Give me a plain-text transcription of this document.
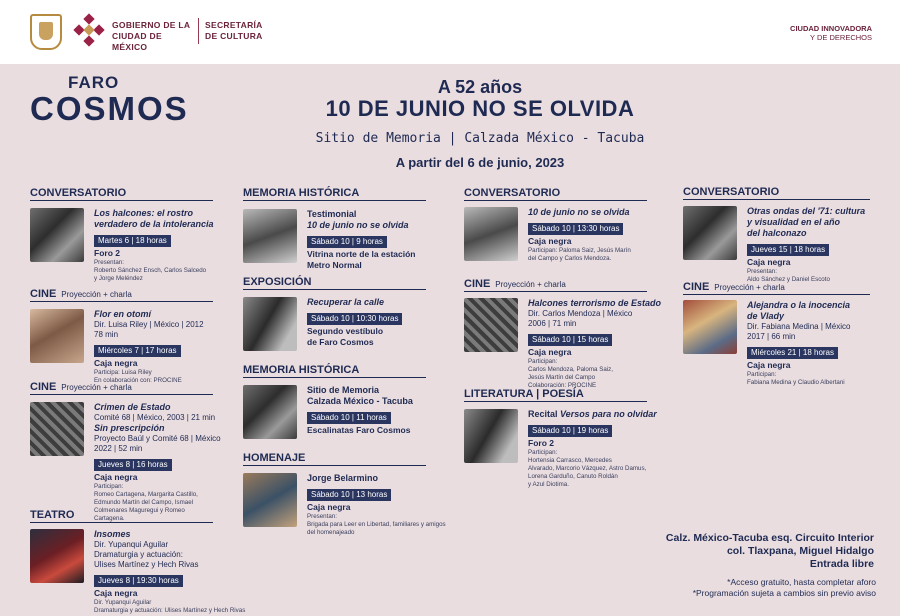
GOBIERNO DE LA
CIUDAD DE MÉXICO
SECRETARÍA
DE CULTURA
CIUDAD INNOVADORA
Y DE DERECHOS
FARO
COSMOS
A 52 años
10 DE JUNIO NO SE OLVIDA
Sitio de Memoria | Calzada México - Tacuba
A partir del 6 de junio, 2023
CONVERSATORIO
Los halcones: el rostro
verdadero de la intolerancia
Martes 6 | 18 horas
Foro 2
Presentan:
Roberto Sánchez Ensch, Carlos Salcedo
y Jorge Meléndez
CINE Proyección + charla
Flor en otomí
Dir. Luisa Riley | México | 2012
78 min
Miércoles 7 | 17 horas
Caja negra
Participa: Luisa Riley
En colaboración con: PROCINE
CINE Proyección + charla
Crimen de Estado
Comité 68 | México, 2003 | 21 min
Sin prescripción
Proyecto Baúl y Comité 68 | México
2022 | 52 min
Jueves 8 | 16 horas
Caja negra
Participan:
Romeo Cartagena, Margarita Castillo,
Edmundo Martín del Campo, Ismael
Colmenares Maguregui y Romeo
Cartagena.
TEATRO
Insomes
Dir. Yupanqui Aguilar
Dramaturgia y actuación:
Ulises Martínez y Hech Rivas
Jueves 8 | 19:30 horas
Caja negra
Dir. Yupanqui Aguilar
Dramaturgia y actuación: Ulises Martínez y Hech Rivas
MEMORIA HISTÓRICA
Testimonial
10 de junio no se olvida
Sábado 10 | 9 horas
Vitrina norte de la estación
Metro Normal
EXPOSICIÓN
Recuperar la calle
Sábado 10 | 10:30 horas
Segundo vestíbulo
de Faro Cosmos
MEMORIA HISTÓRICA
Sitio de Memoria
Calzada México - Tacuba
Sábado 10 | 11 horas
Escalinatas Faro Cosmos
HOMENAJE
Jorge Belarmino
Sábado 10 | 13 horas
Caja negra
Presentan:
Brigada para Leer en Libertad, familiares y amigos
del homenajeado
CONVERSATORIO
10 de junio no se olvida
Sábado 10 | 13:30 horas
Caja negra
Participan: Paloma Saiz, Jesús Marín
del Campo y Carlos Mendoza.
CINE Proyección + charla
Halcones terrorismo de Estado
Dir. Carlos Mendoza | México
2006 | 71 min
Sábado 10 | 15 horas
Caja negra
Participan:
Carlos Mendoza, Paloma Saiz,
Jesús Martín del Campo
Colaboración: PROCINE
LITERATURA | POESÍA
Recital Versos para no olvidar
Sábado 10 | 19 horas
Foro 2
Participan:
Hortensia Carrasco, Mercedes
Alvarado, Marcorio Vázquez, Astro Damus,
Lorena Garduño, Canuto Roldán
y Azul Diotima.
CONVERSATORIO
Otras ondas del '71: cultura
y visualidad en el año
del halconazo
Jueves 15 | 18 horas
Caja negra
Presentan:
Aldo Sánchez y Daniel Escoto
CINE Proyección + charla
Alejandra o la inocencia
de Vlady
Dir. Fabiana Medina | México
2017 | 66 min
Miércoles 21 | 18 horas
Caja negra
Participan:
Fabiana Medina y Claudio Albertani
Calz. México-Tacuba esq. Circuito Interior
col. Tlaxpana, Miguel Hidalgo
Entrada libre
*Acceso gratuito, hasta completar aforo
*Programación sujeta a cambios sin previo aviso
